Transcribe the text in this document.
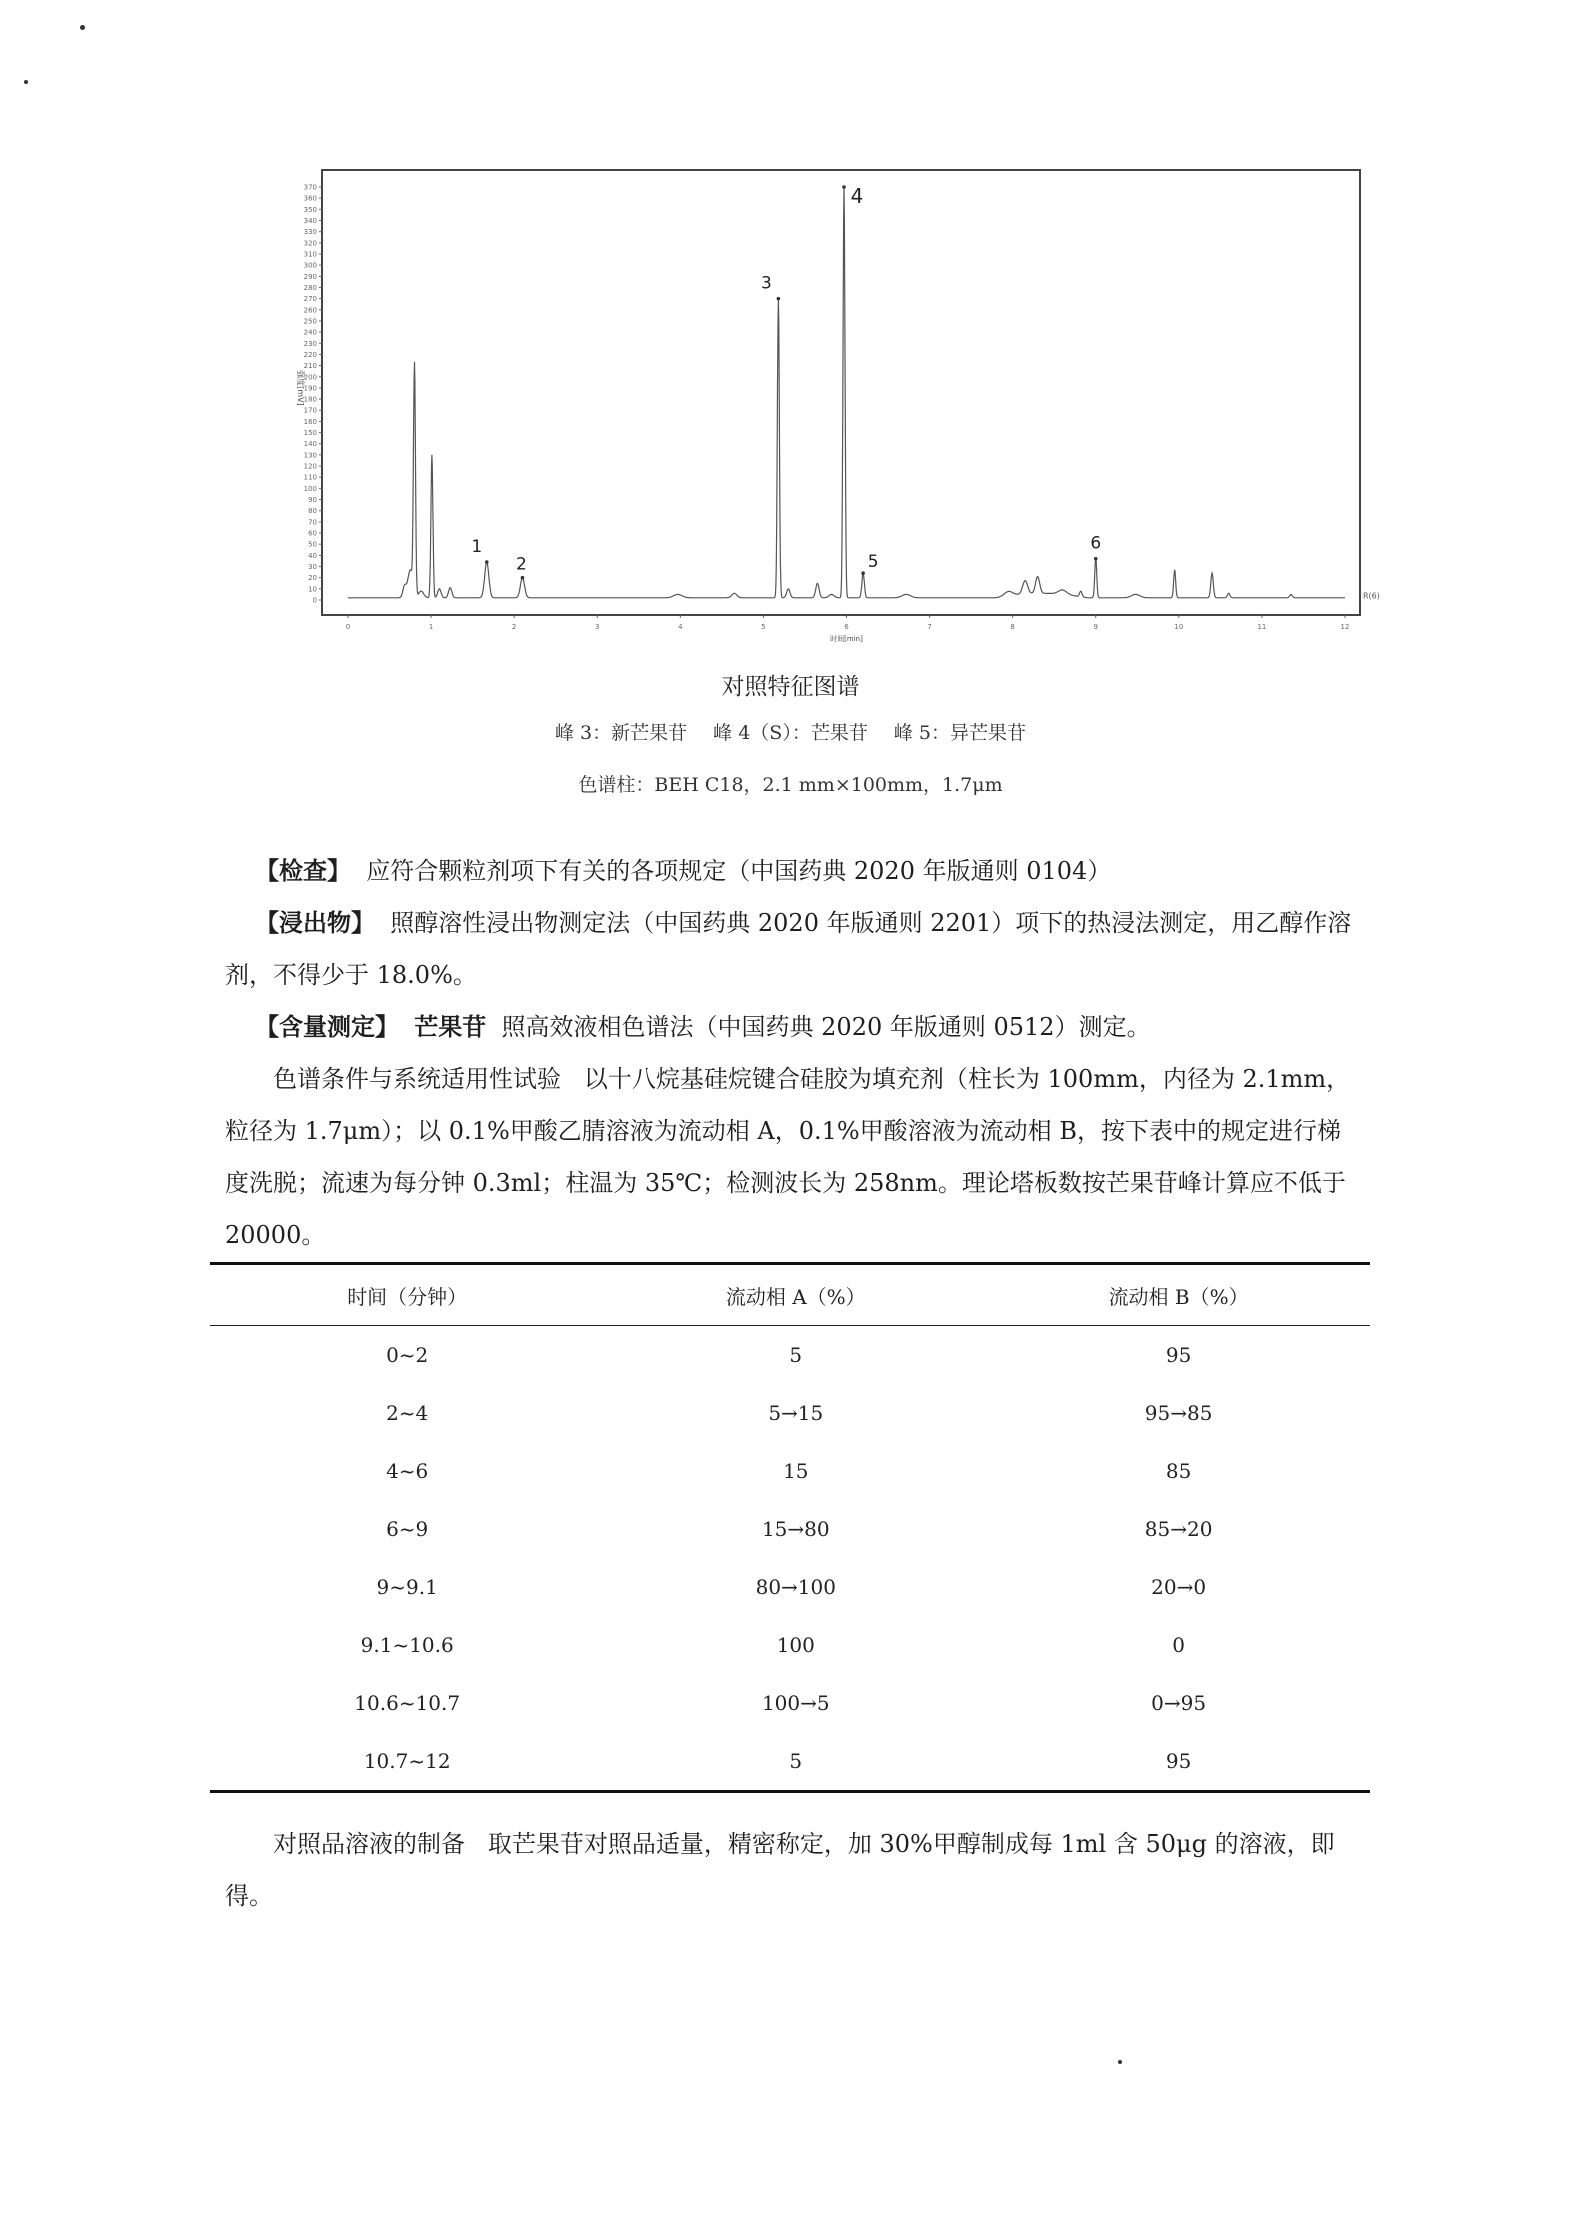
0
10
20
30
40
50
60
70
80
90
100
110
120
130
140
150
160
170
180
190
200
210
220
230
240
250
260
270
280
290
300
310
320
330
340
350
360
370
强度[mV]
0	1	2	3	4	5	6	7	8	9	10	11	12
时间[min]
R(6)
1
2
3
4
5
6
对照特征图谱
峰 3：新芒果苷 峰 4（S）：芒果苷 峰 5：异芒果苷
色谱柱：BEH C18，2.1 mm×100mm，1.7μm
【检查】 应符合颗粒剂项下有关的各项规定（中国药典 2020 年版通则 0104）
【浸出物】 照醇溶性浸出物测定法（中国药典 2020 年版通则 2201）项下的热浸法测定，用乙醇作溶剂，不得少于 18.0%。
【含量测定】 芒果苷 照高效液相色谱法（中国药典 2020 年版通则 0512）测定。
色谱条件与系统适用性试验 以十八烷基硅烷键合硅胶为填充剂（柱长为 100mm，内径为 2.1mm，粒径为 1.7μm）；以 0.1%甲酸乙腈溶液为流动相 A，0.1%甲酸溶液为流动相 B，按下表中的规定进行梯度洗脱；流速为每分钟 0.3ml；柱温为 35℃；检测波长为 258nm。理论塔板数按芒果苷峰计算应不低于 20000。
时间（分钟）	流动相 A（%）	流动相 B（%）
0~2	5	95
2~4	5→15	95→85
4~6	15	85
6~9	15→80	85→20
9~9.1	80→100	20→0
9.1~10.6	100	0
10.6~10.7	100→5	0→95
10.7~12	5	95
对照品溶液的制备 取芒果苷对照品适量，精密称定，加 30%甲醇制成每 1ml 含 50μg 的溶液，即得。
